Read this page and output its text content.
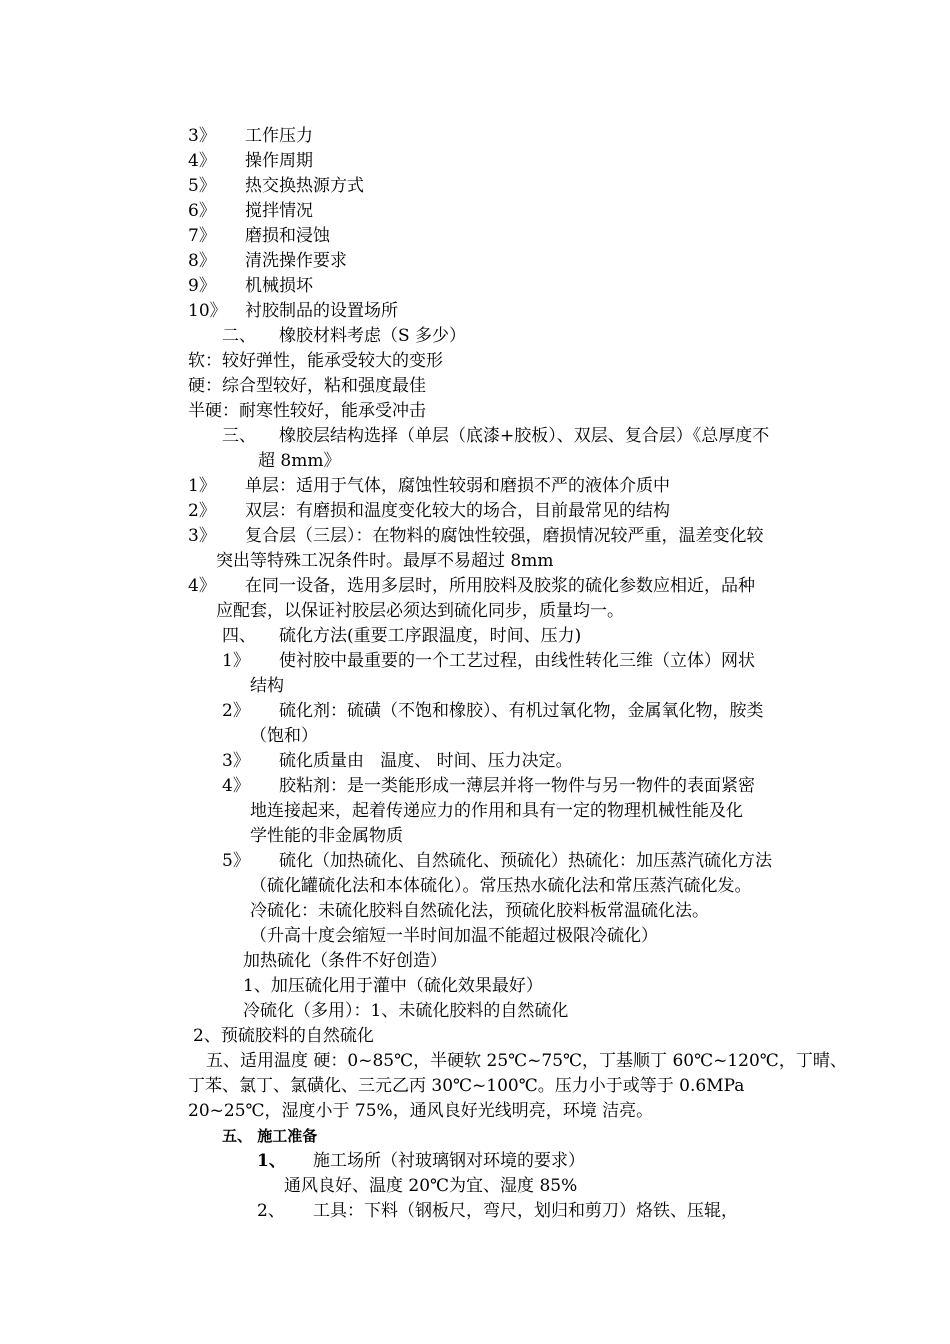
3》 工作压力
4》 操作周期
5》 热交换热源方式
6》 搅拌情况
7》 磨损和浸蚀
8》 清洗操作要求
9》 机械损坏
10》 衬胶制品的设置场所
二、 橡胶材料考虑（S 多少）
软：较好弹性，能承受较大的变形
硬：综合型较好，粘和强度最佳
半硬：耐寒性较好，能承受冲击
三、 橡胶层结构选择（单层（底漆+胶板）、双层、复合层）《总厚度不
超 8mm》
1》 单层：适用于气体，腐蚀性较弱和磨损不严的液体介质中
2》 双层：有磨损和温度变化较大的场合，目前最常见的结构
3》 复合层（三层）：在物料的腐蚀性较强，磨损情况较严重，温差变化较
突出等特殊工况条件时。最厚不易超过 8mm
4》 在同一设备，选用多层时，所用胶料及胶浆的硫化参数应相近，品种
应配套，以保证衬胶层必须达到硫化同步，质量均一。
四、 硫化方法(重要工序跟温度，时间、压力)
1》 使衬胶中最重要的一个工艺过程，由线性转化三维（立体）网状
结构
2》 硫化剂：硫磺（不饱和橡胶）、有机过氧化物，金属氧化物，胺类
（饱和）
3》 硫化质量由   温度、 时间、压力决定。
4》 胶粘剂：是一类能形成一薄层并将一物件与另一物件的表面紧密
地连接起来，起着传递应力的作用和具有一定的物理机械性能及化
学性能的非金属物质
5》 硫化（加热硫化、自然硫化、预硫化）热硫化：加压蒸汽硫化方法
（硫化罐硫化法和本体硫化）。常压热水硫化法和常压蒸汽硫化发。
冷硫化：未硫化胶料自然硫化法，预硫化胶料板常温硫化法。
（升高十度会缩短一半时间加温不能超过极限冷硫化）
加热硫化（条件不好创造）
1、加压硫化用于灌中（硫化效果最好）
冷硫化（多用）：1、未硫化胶料的自然硫化
2、预硫胶料的自然硫化
五、适用温度 硬：0~85℃，半硬软 25℃~75℃，丁基顺丁 60℃~120℃，丁晴、
丁苯、氯丁、氯磺化、三元乙丙 30℃~100℃。压力小于或等于 0.6MPa
20~25℃，湿度小于 75%，通风良好光线明亮，环境 洁亮。
五、 施工准备
1、 施工场所（衬玻璃钢对环境的要求）
通风良好、温度 20℃为宜、湿度 85%
2、 工具：下料（钢板尺，弯尺，划归和剪刀）烙铁、压辊，
